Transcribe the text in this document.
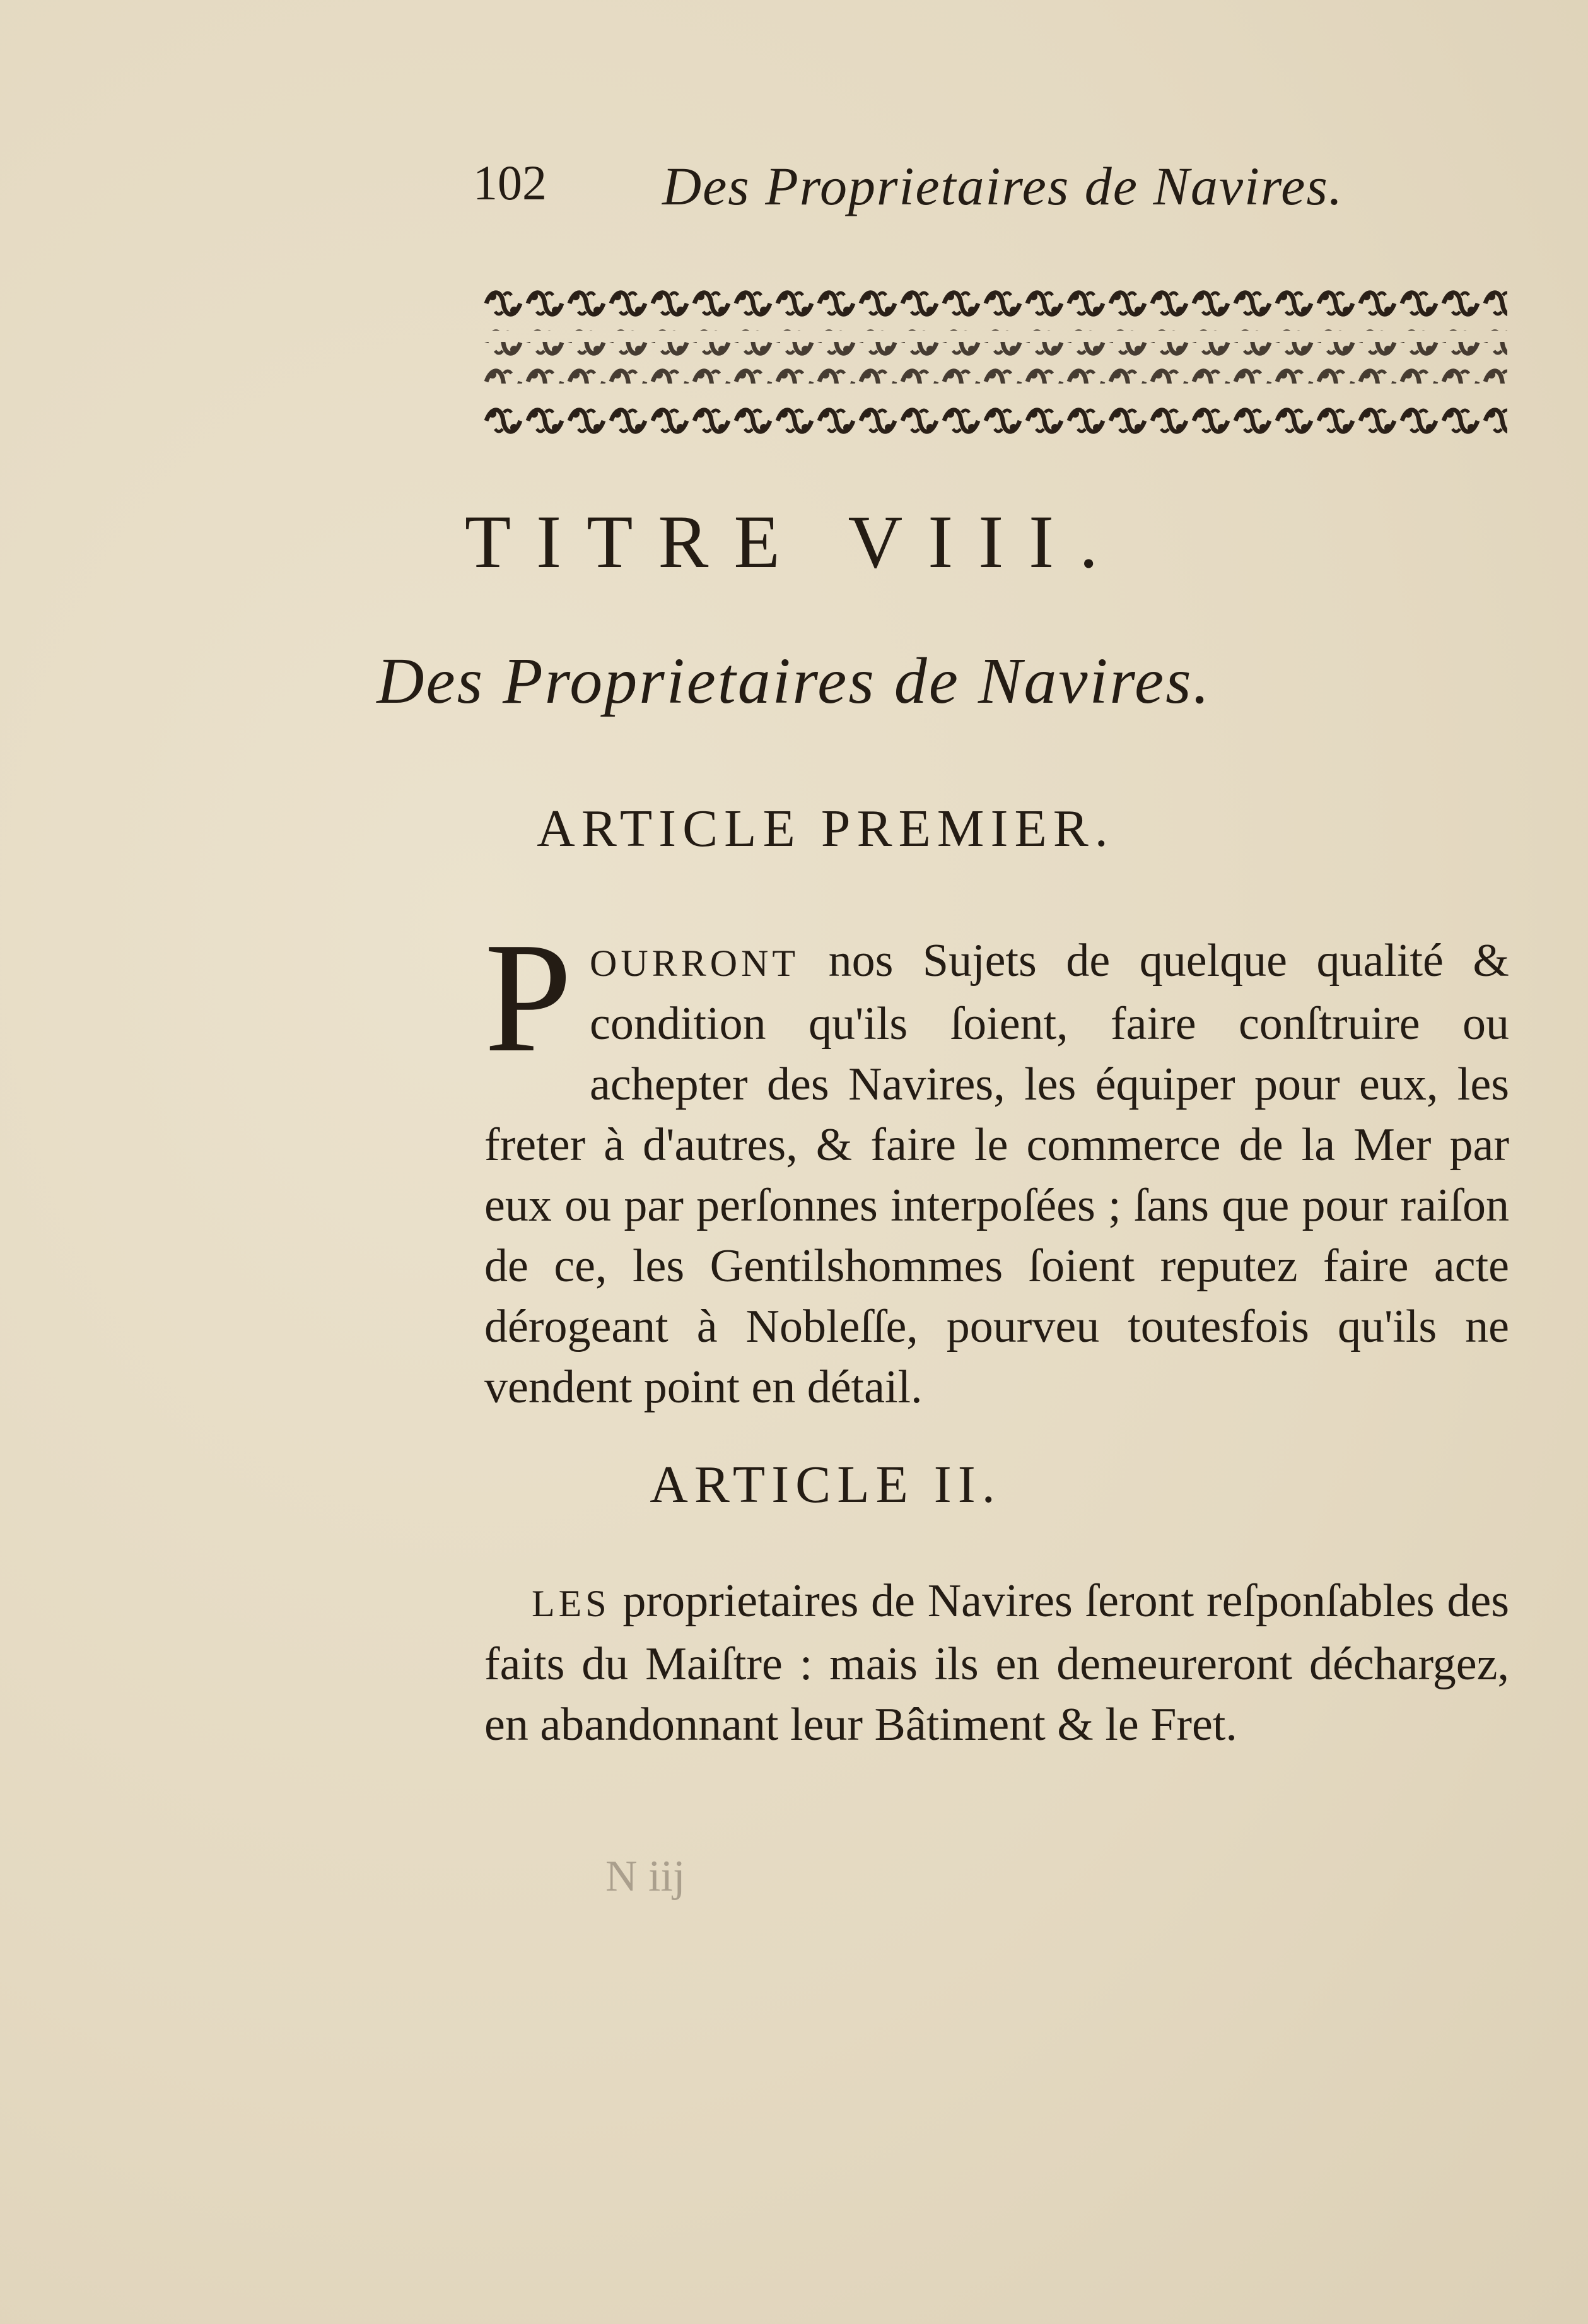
102 Des Proprietaires de Navires.
TITRE VIII.
Des Proprietaires de Navires.
ARTICLE PREMIER.
POURRONT nos Sujets de quelque qualité & condition qu'ils ſoient, faire conſtruire ou achepter des Navires, les équiper pour eux, les freter à d'autres, & faire le commerce de la Mer par eux ou par perſonnes interpoſées ; ſans que pour raiſon de ce, les Gentilshommes ſoient reputez faire acte dérogeant à Nobleſſe, pourveu toutesfois qu'ils ne vendent point en détail.
ARTICLE II.
LES proprietaires de Navires ſeront reſponſables des faits du Maiſtre : mais ils en demeureront déchargez, en abandonnant leur Bâtiment & le Fret.
N iij
